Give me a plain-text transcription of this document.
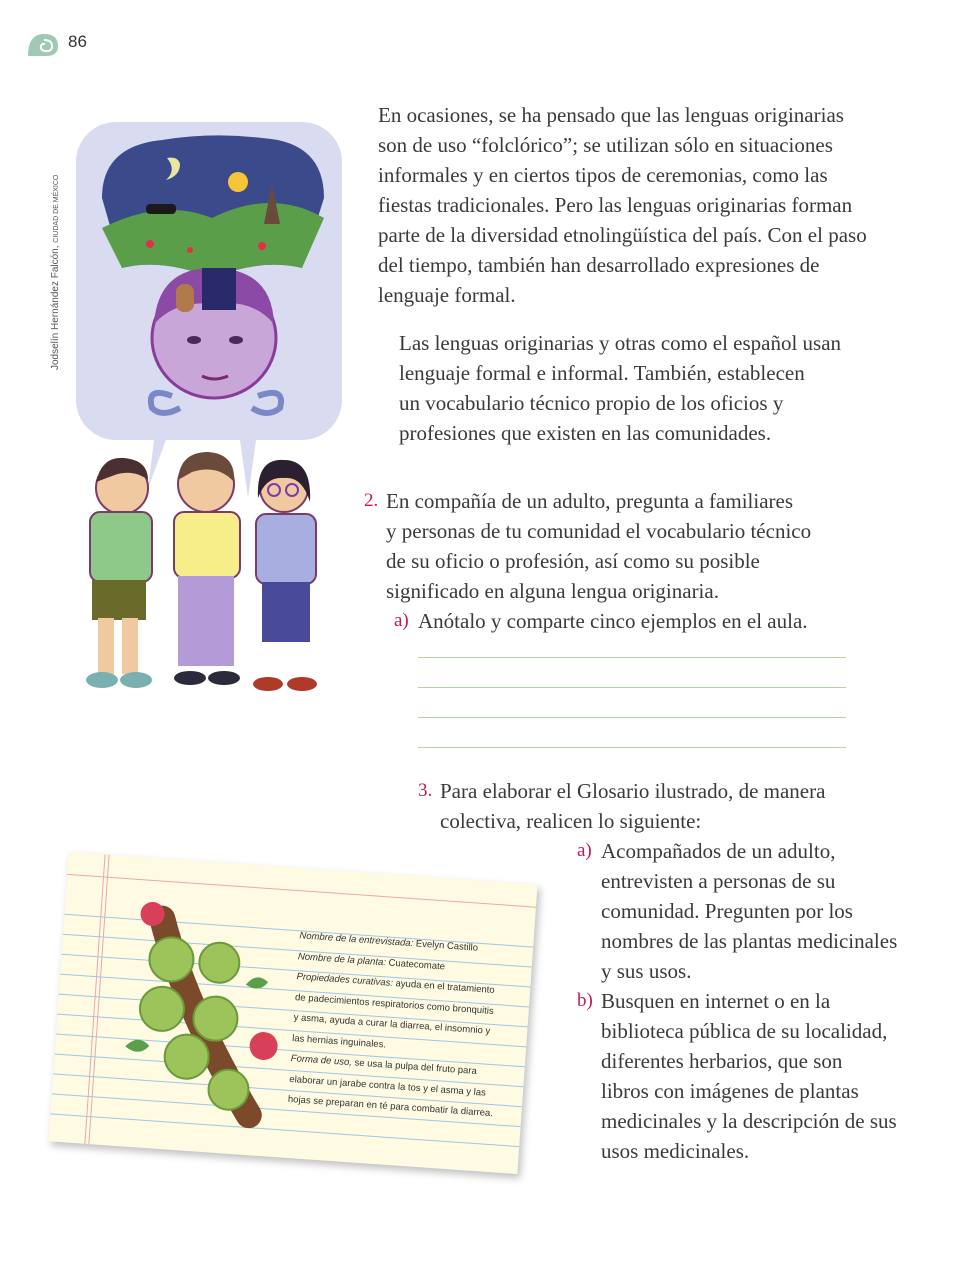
86
Jodselín Hernández Falcón, CIUDAD DE MÉXICO
En ocasiones, se ha pensado que las lenguas originarias
son de uso “folclórico”; se utilizan sólo en situaciones
informales y en ciertos tipos de ceremonias, como las
fiestas tradicionales. Pero las lenguas originarias forman
parte de la diversidad etnolingüística del país. Con el paso
del tiempo, también han desarrollado expresiones de
lenguaje formal.
Las lenguas originarias y otras como el español usan
lenguaje formal e informal. También, establecen
un vocabulario técnico propio de los oficios y
profesiones que existen en las comunidades.
2. En compañía de un adulto, pregunta a familiares
y personas de tu comunidad el vocabulario técnico
de su oficio o profesión, así como su posible
significado en alguna lengua originaria.
a) Anótalo y comparte cinco ejemplos en el aula.
3. Para elaborar el Glosario ilustrado, de manera
colectiva, realicen lo siguiente:
a) Acompañados de un adulto,
entrevisten a personas de su
comunidad. Pregunten por los
nombres de las plantas medicinales
y sus usos.
b) Busquen en internet o en la
biblioteca pública de su localidad,
diferentes herbarios, que son
libros con imágenes de plantas
medicinales y la descripción de sus
usos medicinales.
Nombre de la entrevistada: Evelyn Castillo
Nombre de la planta: Cuatecomate
Propiedades curativas: ayuda en el tratamiento
de padecimientos respiratorios como bronquitis
y asma, ayuda a curar la diarrea, el insomnio y
las hernias inguinales.
Forma de uso, se usa la pulpa del fruto para
elaborar un jarabe contra la tos y el asma y las
hojas se preparan en té para combatir la diarrea.
